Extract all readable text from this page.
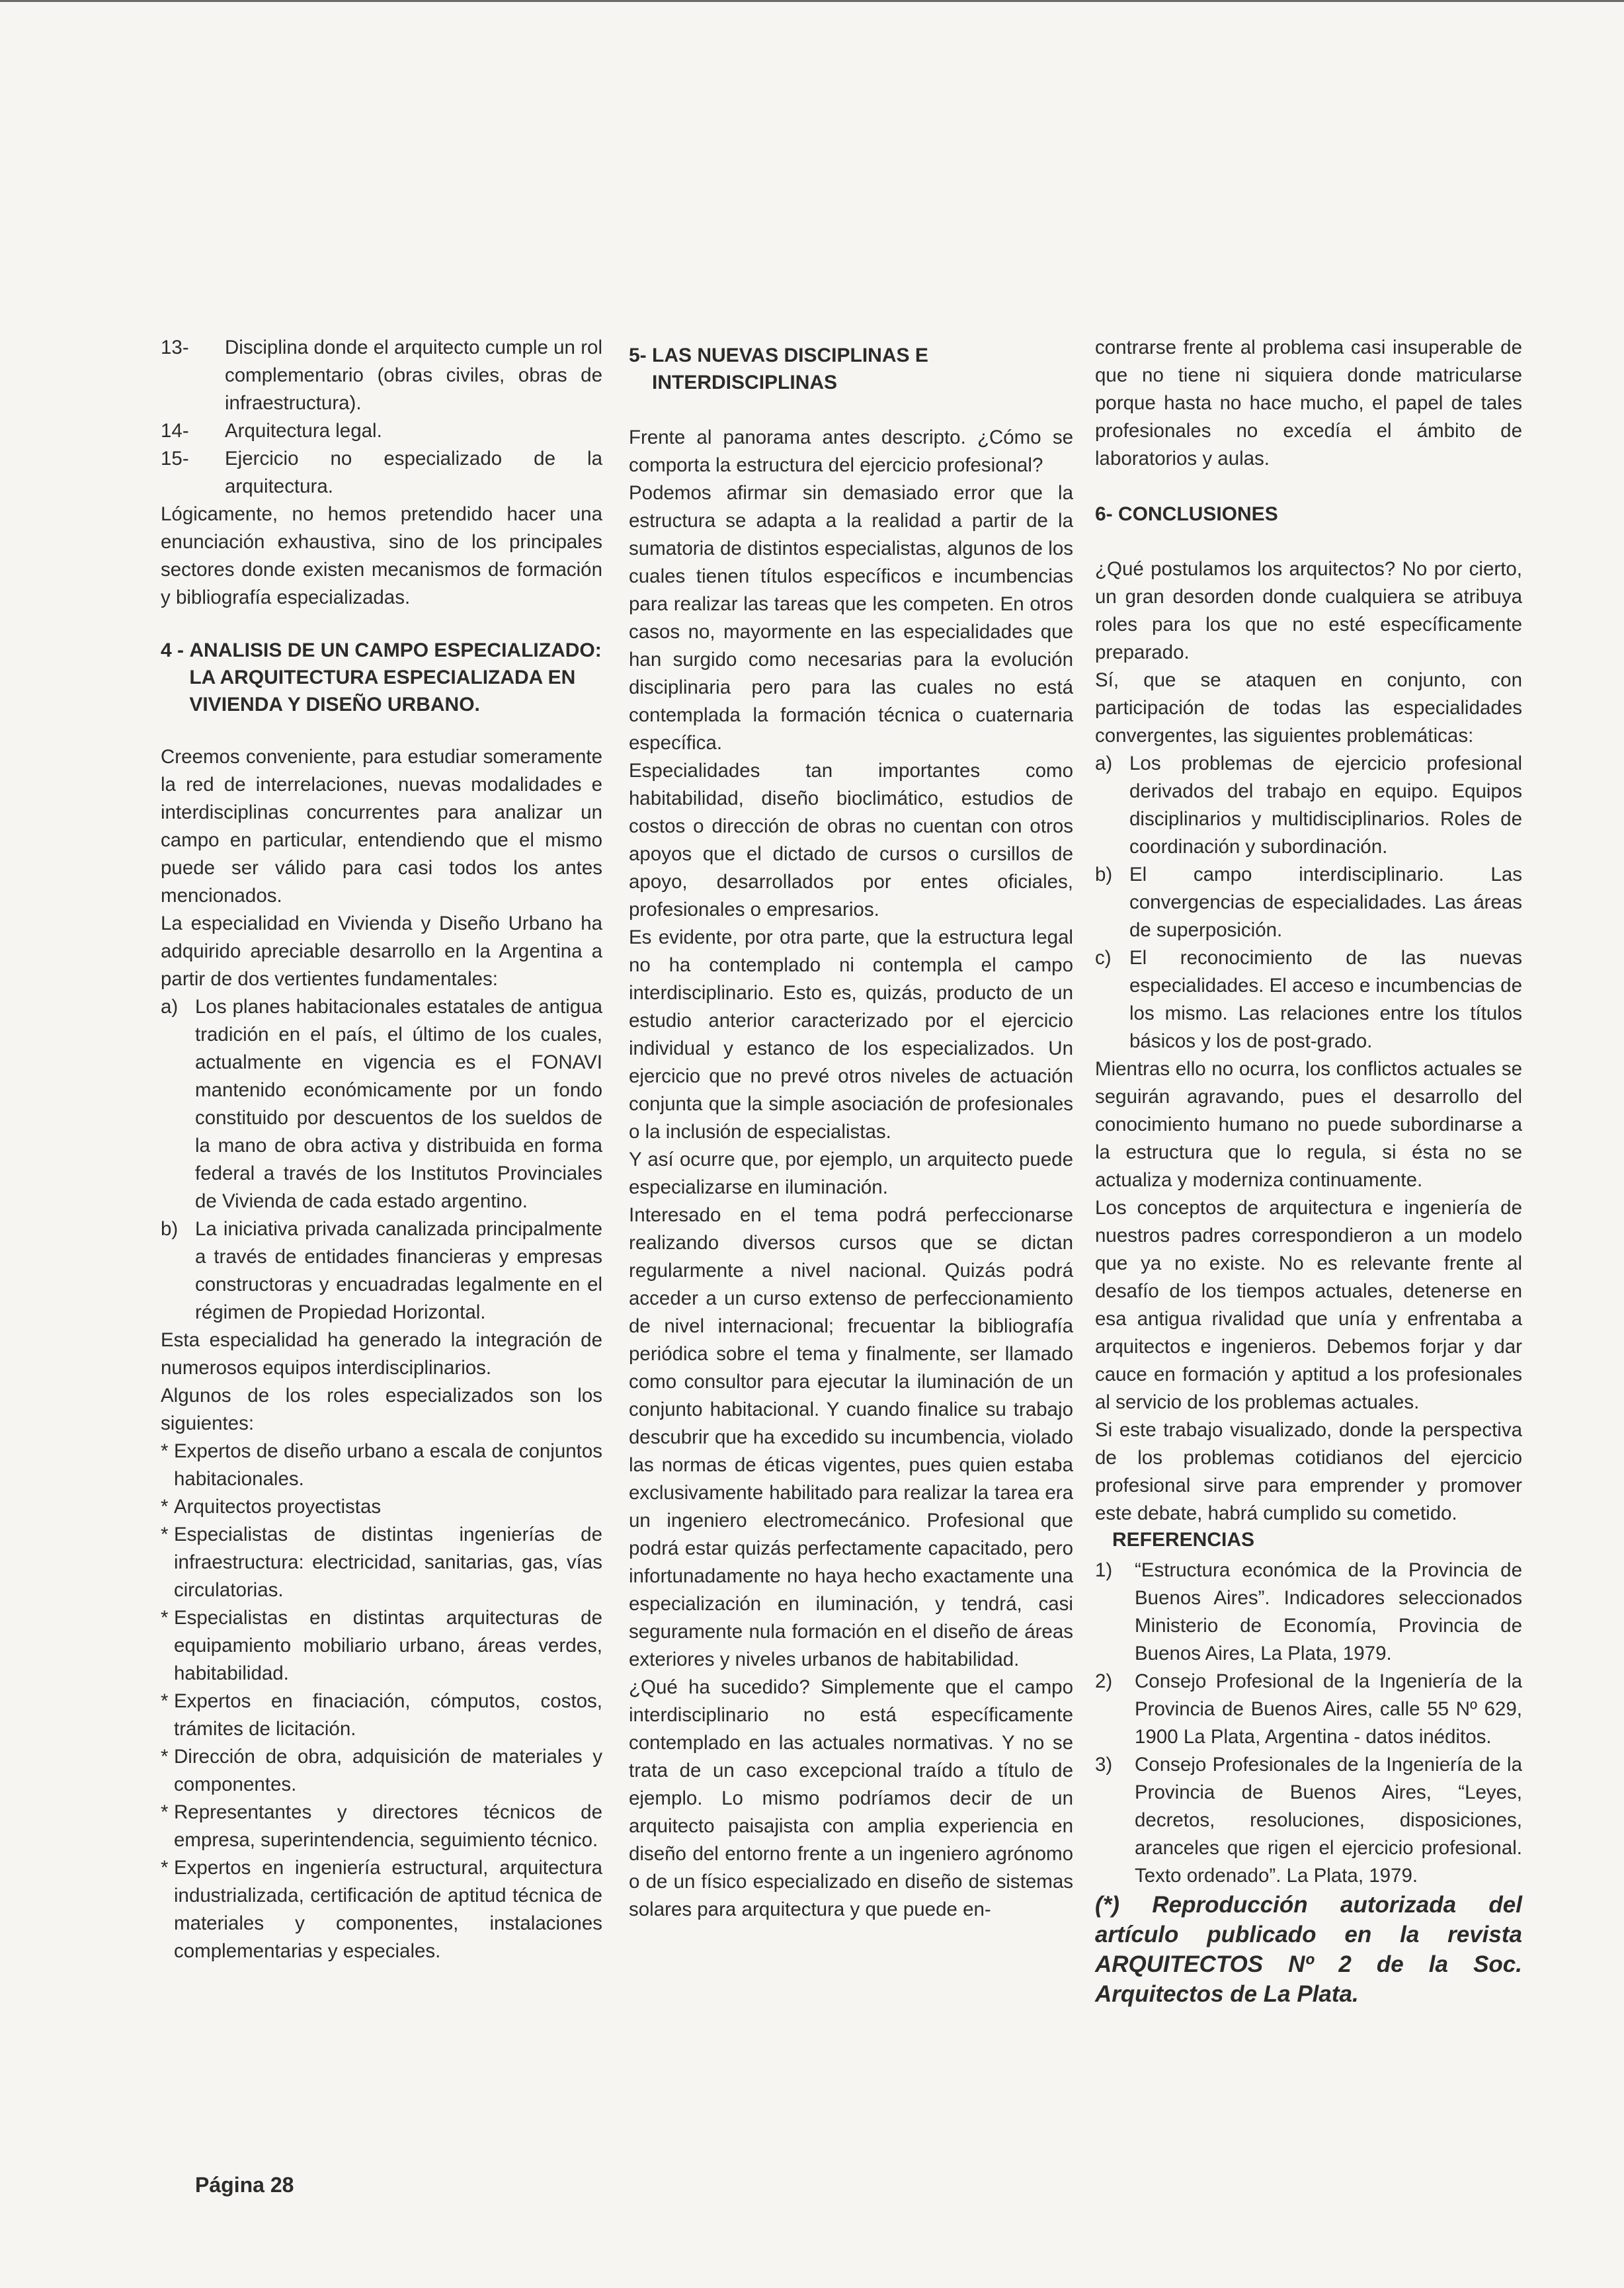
13-	Disciplina donde el arquitecto cumple un rol complementario (obras civiles, obras de infraestructura).
14-	Arquitectura legal.
15-	Ejercicio no especializado de la arquitectura.

Lógicamente, no hemos pretendido hacer una enunciación exhaustiva, sino de los principales sectores donde existen mecanismos de formación y bibliografía especializadas.

4 - ANALISIS DE UN CAMPO ESPECIALIZADO: LA ARQUITECTURA ESPECIALIZADA EN VIVIENDA Y DISEÑO URBANO.

Creemos conveniente, para estudiar someramente la red de interrelaciones, nuevas modalidades e interdisciplinas concurrentes para analizar un campo en particular, entendiendo que el mismo puede ser válido para casi todos los antes mencionados.

La especialidad en Vivienda y Diseño Urbano ha adquirido apreciable desarrollo en la Argentina a partir de dos vertientes fundamentales:

a) Los planes habitacionales estatales de antigua tradición en el país, el último de los cuales, actualmente en vigencia es el FONAVI mantenido económicamente por un fondo constituido por descuentos de los sueldos de la mano de obra activa y distribuida en forma federal a través de los Institutos Provinciales de Vivienda de cada estado argentino.
b) La iniciativa privada canalizada principalmente a través de entidades financieras y empresas constructoras y encuadradas legalmente en el régimen de Propiedad Horizontal.

Esta especialidad ha generado la integración de numerosos equipos interdisciplinarios.

Algunos de los roles especializados son los siguientes:

* Expertos de diseño urbano a escala de conjuntos habitacionales.
* Arquitectos proyectistas
* Especialistas de distintas ingenierías de infraestructura: electricidad, sanitarias, gas, vías circulatorias.
* Especialistas en distintas arquitecturas de equipamiento mobiliario urbano, áreas verdes, habitabilidad.
* Expertos en finaciación, cómputos, costos, trámites de licitación.
* Dirección de obra, adquisición de materiales y componentes.
* Representantes y directores técnicos de empresa, superintendencia, seguimiento técnico.
* Expertos en ingeniería estructural, arquitectura industrializada, certificación de aptitud técnica de materiales y componentes, instalaciones complementarias y especiales.
5- LAS NUEVAS DISCIPLINAS E INTERDISCIPLINAS

Frente al panorama antes descripto. ¿Cómo se comporta la estructura del ejercicio profesional?

Podemos afirmar sin demasiado error que la estructura se adapta a la realidad a partir de la sumatoria de distintos especialistas, algunos de los cuales tienen títulos específicos e incumbencias para realizar las tareas que les competen. En otros casos no, mayormente en las especialidades que han surgido como necesarias para la evolución disciplinaria pero para las cuales no está contemplada la formación técnica o cuaternaria específica.

Especialidades tan importantes como habitabilidad, diseño bioclimático, estudios de costos o dirección de obras no cuentan con otros apoyos que el dictado de cursos o cursillos de apoyo, desarrollados por entes oficiales, profesionales o empresarios.

Es evidente, por otra parte, que la estructura legal no ha contemplado ni contempla el campo interdisciplinario. Esto es, quizás, producto de un estudio anterior caracterizado por el ejercicio individual y estanco de los especializados. Un ejercicio que no prevé otros niveles de actuación conjunta que la simple asociación de profesionales o la inclusión de especialistas.

Y así ocurre que, por ejemplo, un arquitecto puede especializarse en iluminación.

Interesado en el tema podrá perfeccionarse realizando diversos cursos que se dictan regularmente a nivel nacional. Quizás podrá acceder a un curso extenso de perfeccionamiento de nivel internacional; frecuentar la bibliografía periódica sobre el tema y finalmente, ser llamado como consultor para ejecutar la iluminación de un conjunto habitacional. Y cuando finalice su trabajo descubrir que ha excedido su incumbencia, violado las normas de éticas vigentes, pues quien estaba exclusivamente habilitado para realizar la tarea era un ingeniero electromecánico. Profesional que podrá estar quizás perfectamente capacitado, pero infortunadamente no haya hecho exactamente una especialización en iluminación, y tendrá, casi seguramente nula formación en el diseño de áreas exteriores y niveles urbanos de habitabilidad.

¿Qué ha sucedido? Simplemente que el campo interdisciplinario no está específicamente contemplado en las actuales normativas. Y no se trata de un caso excepcional traído a título de ejemplo. Lo mismo podríamos decir de un arquitecto paisajista con amplia experiencia en diseño del entorno frente a un ingeniero agrónomo o de un físico especializado en diseño de sistemas solares para arquitectura y que puede en-

contrarse frente al problema casi insuperable de que no tiene ni siquiera donde matricularse porque hasta no hace mucho, el papel de tales profesionales no excedía el ámbito de laboratorios y aulas.

6- CONCLUSIONES

¿Qué postulamos los arquitectos? No por cierto, un gran desorden donde cualquiera se atribuya roles para los que no esté específicamente preparado.

Sí, que se ataquen en conjunto, con participación de todas las especialidades convergentes, las siguientes problemáticas:

a) Los problemas de ejercicio profesional derivados del trabajo en equipo. Equipos disciplinarios y multidisciplinarios. Roles de coordinación y subordinación.
b) El campo interdisciplinario. Las convergencias de especialidades. Las áreas de superposición.
c) El reconocimiento de las nuevas especialidades. El acceso e incumbencias de los mismo. Las relaciones entre los títulos básicos y los de post-grado.

Mientras ello no ocurra, los conflictos actuales se seguirán agravando, pues el desarrollo del conocimiento humano no puede subordinarse a la estructura que lo regula, si ésta no se actualiza y moderniza continuamente.

Los conceptos de arquitectura e ingeniería de nuestros padres correspondieron a un modelo que ya no existe. No es relevante frente al desafío de los tiempos actuales, detenerse en esa antigua rivalidad que unía y enfrentaba a arquitectos e ingenieros. Debemos forjar y dar cauce en formación y aptitud a los profesionales al servicio de los problemas actuales.

Si este trabajo visualizado, donde la perspectiva de los problemas cotidianos del ejercicio profesional sirve para emprender y promover este debate, habrá cumplido su cometido.

REFERENCIAS
1)	“Estructura económica de la Provincia de Buenos Aires”. Indicadores seleccionados Ministerio de Economía, Provincia de Buenos Aires, La Plata, 1979.
2)	Consejo Profesional de la Ingeniería de la Provincia de Buenos Aires, calle 55 Nº 629, 1900 La Plata, Argentina - datos inéditos.
3)	Consejo Profesionales de la Ingeniería de la Provincia de Buenos Aires, “Leyes, decretos, resoluciones, disposiciones, aranceles que rigen el ejercicio profesional. Texto ordenado”. La Plata, 1979.

(*) Reproducción autorizada del artículo publicado en la revista ARQUITECTOS Nº 2 de la Soc. Arquitectos de La Plata.

Página 28
